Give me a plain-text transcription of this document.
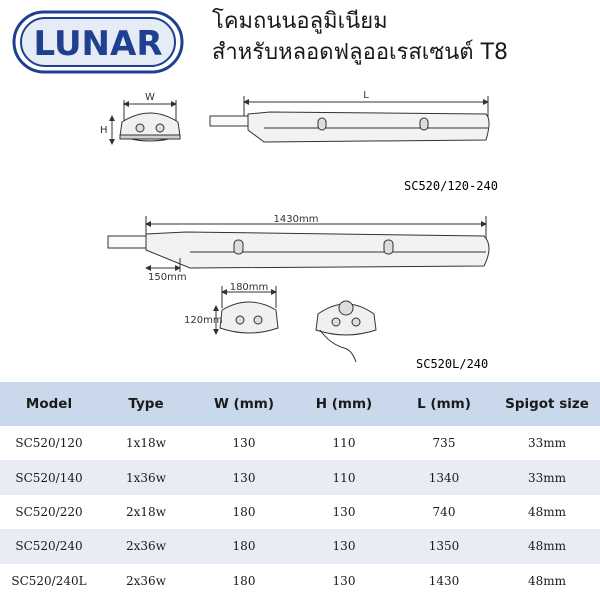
LUNAR
โคมถนนอลูมิเนียม
สำหรับหลอดฟลูออเรสเซนต์ T8
W
H
L
SC520/120-240
1430mm
150mm
180mm
120mm
SC520L/240
Model	Type	W (mm)	H (mm)	L (mm)	Spigot size
SC520/120	1x18w	130	110	735	33mm
SC520/140	1x36w	130	110	1340	33mm
SC520/220	2x18w	180	130	740	48mm
SC520/240	2x36w	180	130	1350	48mm
SC520/240L	2x36w	180	130	1430	48mm
